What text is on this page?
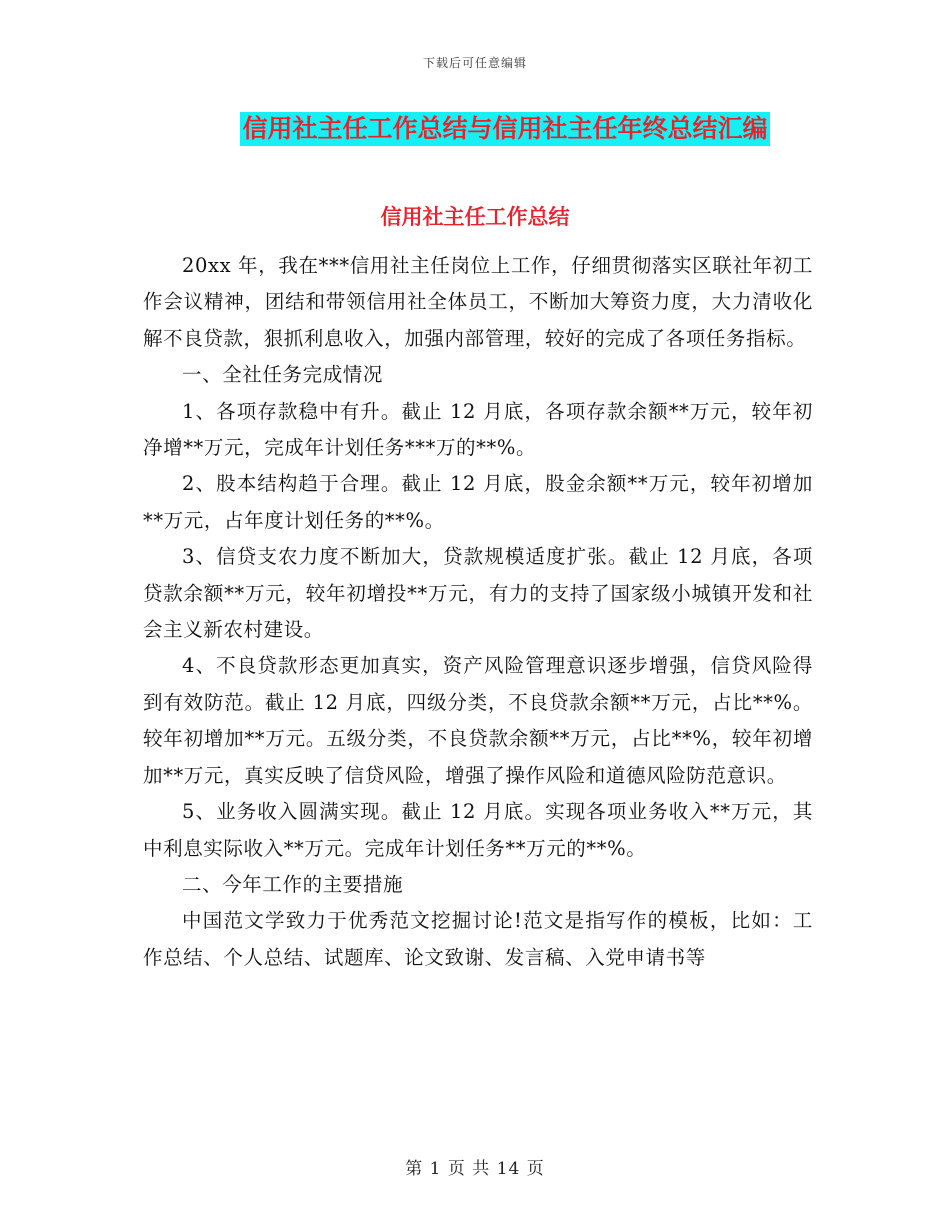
下载后可任意编辑
信用社主任工作总结与信用社主任年终总结汇编
信用社主任工作总结

20xx 年，我在***信用社主任岗位上工作，仔细贯彻落实区联社年初工作会议精神，团结和带领信用社全体员工，不断加大筹资力度，大力清收化解不良贷款，狠抓利息收入，加强内部管理，较好的完成了各项任务指标。

一、全社任务完成情况

1、各项存款稳中有升。截止 12 月底，各项存款余额**万元，较年初净增**万元，完成年计划任务***万的**%。

2、股本结构趋于合理。截止 12 月底，股金余额**万元，较年初增加**万元，占年度计划任务的**%。

3、信贷支农力度不断加大，贷款规模适度扩张。截止 12 月底，各项贷款余额**万元，较年初增投**万元，有力的支持了国家级小城镇开发和社会主义新农村建设。

4、不良贷款形态更加真实，资产风险管理意识逐步增强，信贷风险得到有效防范。截止 12 月底，四级分类，不良贷款余额**万元，占比**%。较年初增加**万元。五级分类，不良贷款余额**万元，占比**%，较年初增加**万元，真实反映了信贷风险，增强了操作风险和道德风险防范意识。

5、业务收入圆满实现。截止 12 月底。实现各项业务收入**万元，其中利息实际收入**万元。完成年计划任务**万元的**%。

二、今年工作的主要措施

中国范文学致力于优秀范文挖掘讨论!范文是指写作的模板，比如：工作总结、个人总结、试题库、论文致谢、发言稿、入党申请书等

第 1 页 共 14 页
